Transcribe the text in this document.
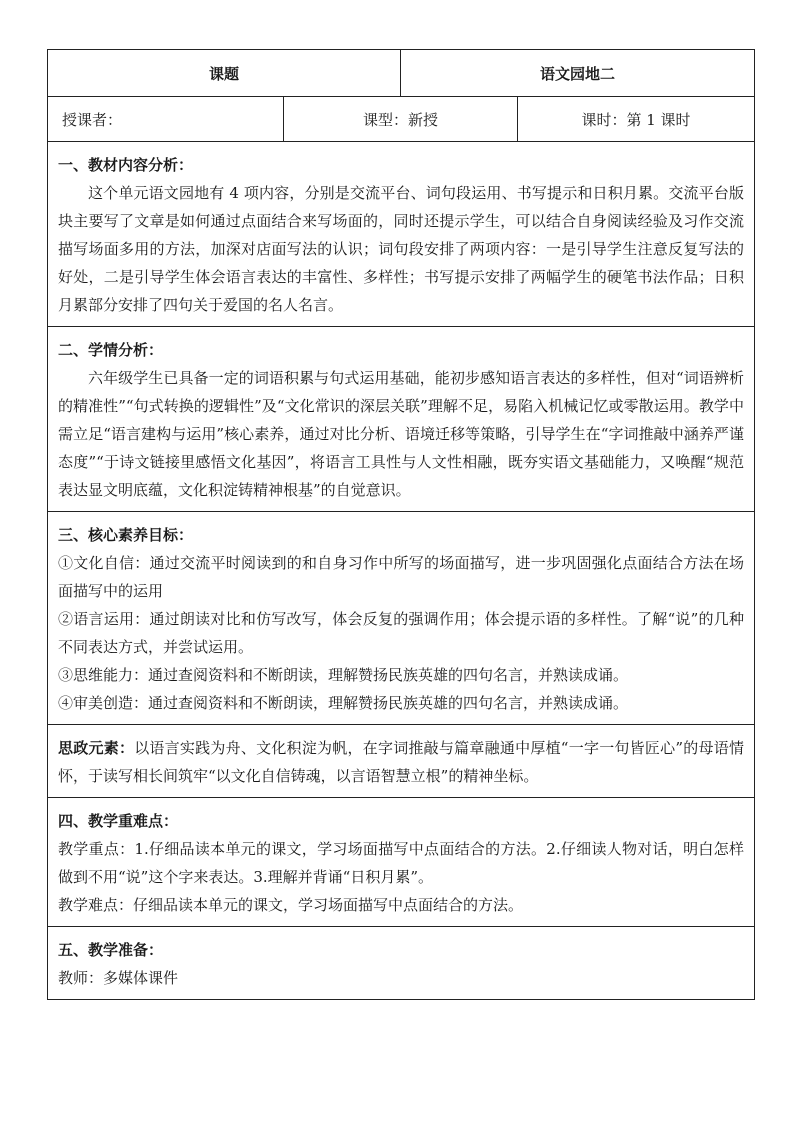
课题	语文园地二
授课者：	课型：新授	课时：第 1 课时
一、教材内容分析：

这个单元语文园地有 4 项内容，分别是交流平台、词句段运用、书写提示和日积月累。交流平台版块主要写了文章是如何通过点面结合来写场面的，同时还提示学生，可以结合自身阅读经验及习作交流描写场面多用的方法，加深对店面写法的认识；词句段安排了两项内容：一是引导学生注意反复写法的好处，二是引导学生体会语言表达的丰富性、多样性；书写提示安排了两幅学生的硬笔书法作品；日积月累部分安排了四句关于爱国的名人名言。

二、学情分析：

六年级学生已具备一定的词语积累与句式运用基础，能初步感知语言表达的多样性，但对“词语辨析的精准性”“句式转换的逻辑性”及“文化常识的深层关联”理解不足，易陷入机械记忆或零散运用。教学中需立足“语言建构与运用”核心素养，通过对比分析、语境迁移等策略，引导学生在“字词推敲中涵养严谨态度”“于诗文链接里感悟文化基因”，将语言工具性与人文性相融，既夯实语文基础能力，又唤醒“规范表达显文明底蕴，文化积淀铸精神根基”的自觉意识。

三、核心素养目标：

①文化自信：通过交流平时阅读到的和自身习作中所写的场面描写，进一步巩固强化点面结合方法在场面描写中的运用

②语言运用：通过朗读对比和仿写改写，体会反复的强调作用；体会提示语的多样性。了解“说”的几种不同表达方式，并尝试运用。

③思维能力：通过查阅资料和不断朗读，理解赞扬民族英雄的四句名言，并熟读成诵。

④审美创造：通过查阅资料和不断朗读，理解赞扬民族英雄的四句名言，并熟读成诵。

思政元素：以语言实践为舟、文化积淀为帆，在字词推敲与篇章融通中厚植“一字一句皆匠心”的母语情怀，于读写相长间筑牢“以文化自信铸魂，以言语智慧立根”的精神坐标。

四、教学重难点：

教学重点：1.仔细品读本单元的课文，学习场面描写中点面结合的方法。2.仔细读人物对话，明白怎样做到不用“说”这个字来表达。3.理解并背诵“日积月累”。

教学难点：仔细品读本单元的课文，学习场面描写中点面结合的方法。

五、教学准备：

教师：多媒体课件
